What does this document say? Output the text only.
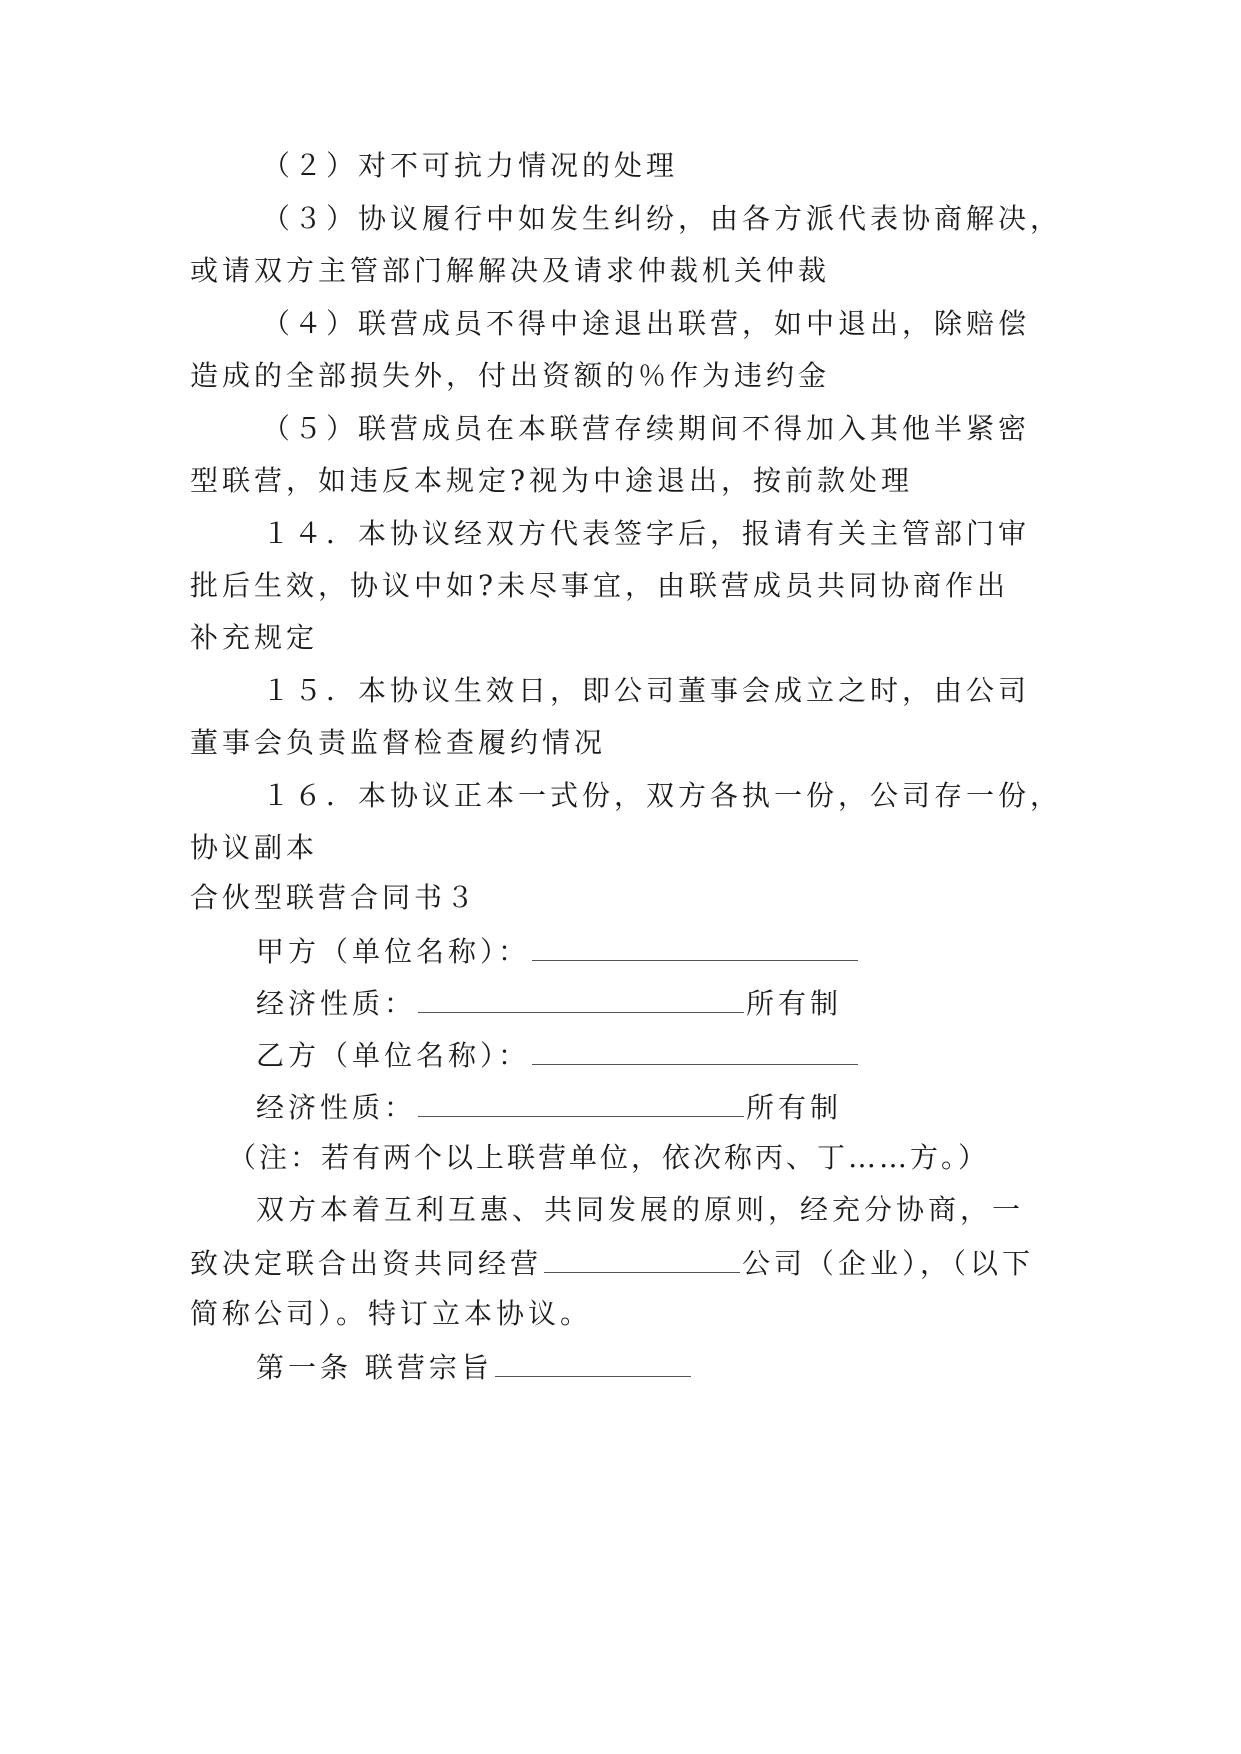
（２）对不可抗力情况的处理
（３）协议履行中如发生纠纷，由各方派代表协商解决，
或请双方主管部门解解决及请求仲裁机关仲裁
（４）联营成员不得中途退出联营，如中退出，除赔偿
造成的全部损失外，付出资额的％作为违约金
（５）联营成员在本联营存续期间不得加入其他半紧密
型联营，如违反本规定?视为中途退出，按前款处理
１４．本协议经双方代表签字后，报请有关主管部门审
批后生效，协议中如?未尽事宜，由联营成员共同协商作出
补充规定
１５．本协议生效日，即公司董事会成立之时，由公司
董事会负责监督检查履约情况
１６．本协议正本一式份，双方各执一份，公司存一份，
协议副本
合伙型联营合同书３
甲方（单位名称）：
经济性质：	所有制
乙方（单位名称）：
经济性质：	所有制
（注：若有两个以上联营单位，依次称丙、丁……方。）
双方本着互利互惠、共同发展的原则，经充分协商，一
致决定联合出资共同经营	公司（企业），（以下
简称公司）。特订立本协议。
第一条 联营宗旨
